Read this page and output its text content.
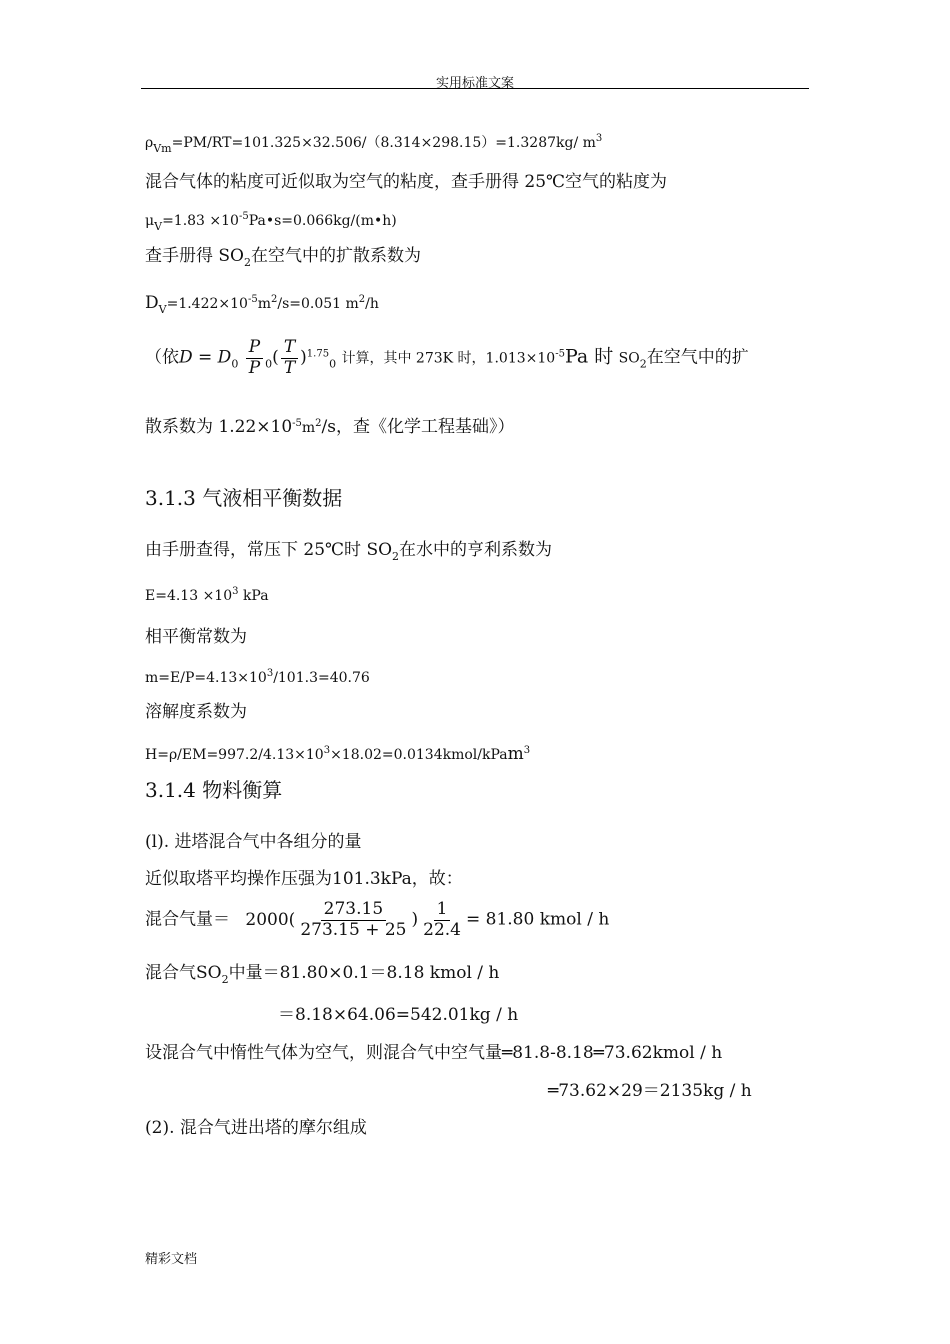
实用标准文案
$\rho_{Vm}=PM/RT=101.325\times 32.506/(8.314\times 298.15)=1.3287kg/$ $m^3$
混合气体的粘度可近似取为空气的粘度，查手册得 25℃空气的粘度为
$\mu_V=1.83$ $\times 10^{-5}Pa•s=0.066kg/(m•h)$
查手册得 $SO_2$在空气中的扩散系数为
$D_V=1.422\times 10^{-5}m^2/s=0.051$ $m^2/h$
（依$D = D_0 \frac{P}{P} _0( \frac{T}{T} )^{1.75}_0$ 计算，其中 273K 时，$1.013\times 10^{-5}Pa$ 时 $SO_2$在空气中的扩
散系数为 $1.22\times 10^{-5}m^2/s$，查《化学工程基础》）
3.1.3 气液相平衡数据
由手册查得，常压下 25℃时 $SO_2$在水中的亨利系数为
$E=4.13 \times 10^3$ kPa
相平衡常数为
$m=E/P=4.13\times 10^3/101.3=40.76$
溶解度系数为
$H=\rho/EM=997.2/4.13\times 10^3\times 18.02=0.0134kmol/kPam^3$
3.1.4 物料衡算
(l). 进塔混合气中各组分的量
近似取塔平均操作压强为101.3kPa，故：
混合气量＝ $2000( \frac{273.15}{273.15 + 25}$ ) $\frac{1}{22.4} = 81.80$ kmol / h
混合气$SO_2$中量＝81.80×0.1＝8.18 kmol / h
＝8.18×64.06=542.01kg / h
设混合气中惰性气体为空气，则混合气中空气量═81.8-8.18═73.62kmol / h
═73.62×29＝2135kg / h
(2). 混合气进出塔的摩尔组成
精彩文档
